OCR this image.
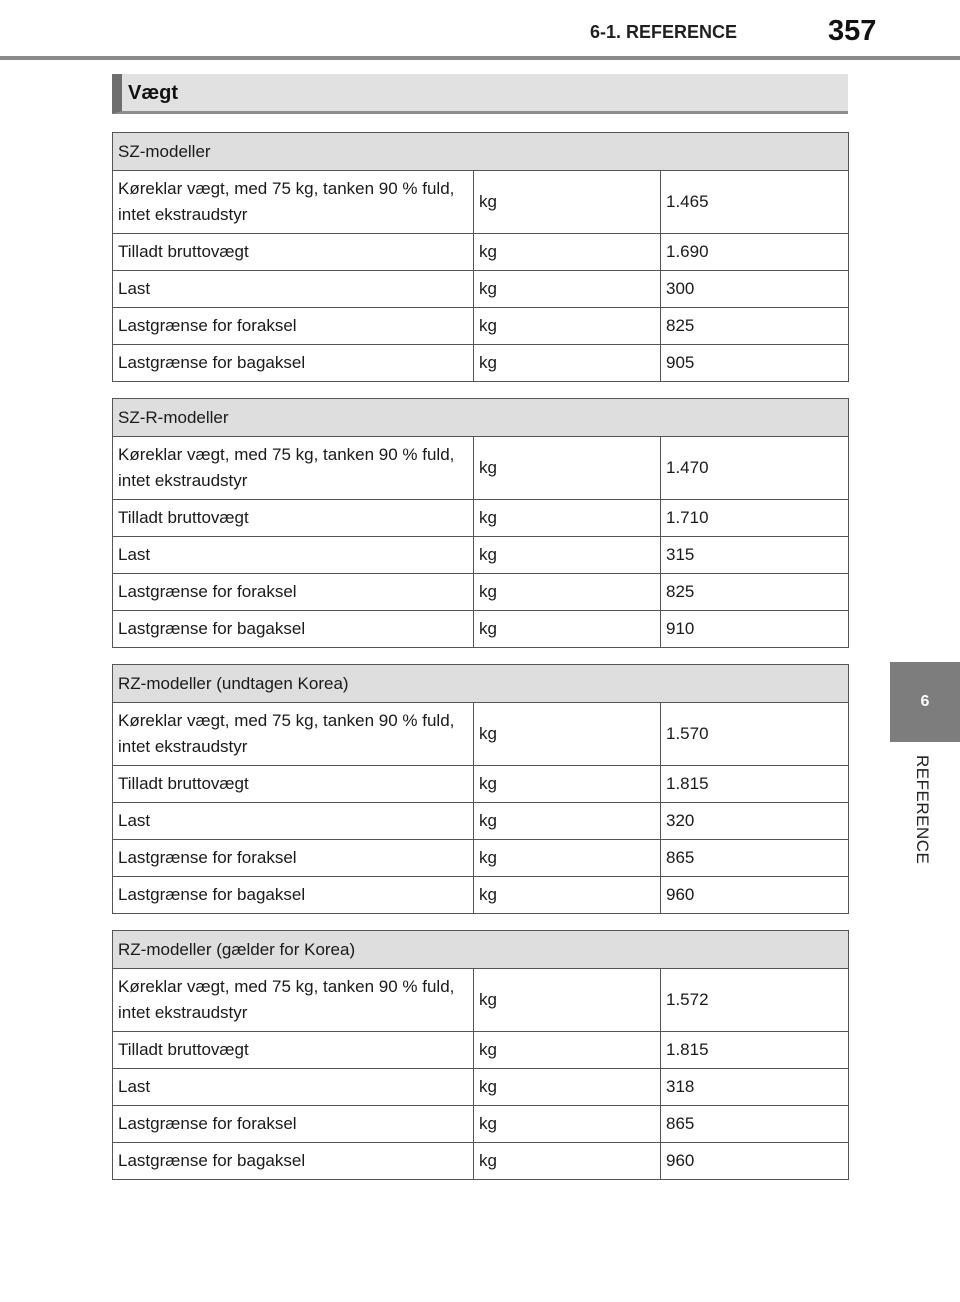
6-1. REFERENCE	357
6
REFERENCE
Vægt
SZ-modeller		
Køreklar vægt, med 75 kg, tanken 90 % fuld, intet ekstraudstyr	kg	1.465
Tilladt bruttovægt	kg	1.690
Last	kg	300
Lastgrænse for foraksel	kg	825
Lastgrænse for bagaksel	kg	905
SZ-R-modeller		
Køreklar vægt, med 75 kg, tanken 90 % fuld, intet ekstraudstyr	kg	1.470
Tilladt bruttovægt	kg	1.710
Last	kg	315
Lastgrænse for foraksel	kg	825
Lastgrænse for bagaksel	kg	910
RZ-modeller (undtagen Korea)		
Køreklar vægt, med 75 kg, tanken 90 % fuld, intet ekstraudstyr	kg	1.570
Tilladt bruttovægt	kg	1.815
Last	kg	320
Lastgrænse for foraksel	kg	865
Lastgrænse for bagaksel	kg	960
RZ-modeller (gælder for Korea)		
Køreklar vægt, med 75 kg, tanken 90 % fuld, intet ekstraudstyr	kg	1.572
Tilladt bruttovægt	kg	1.815
Last	kg	318
Lastgrænse for foraksel	kg	865
Lastgrænse for bagaksel	kg	960
